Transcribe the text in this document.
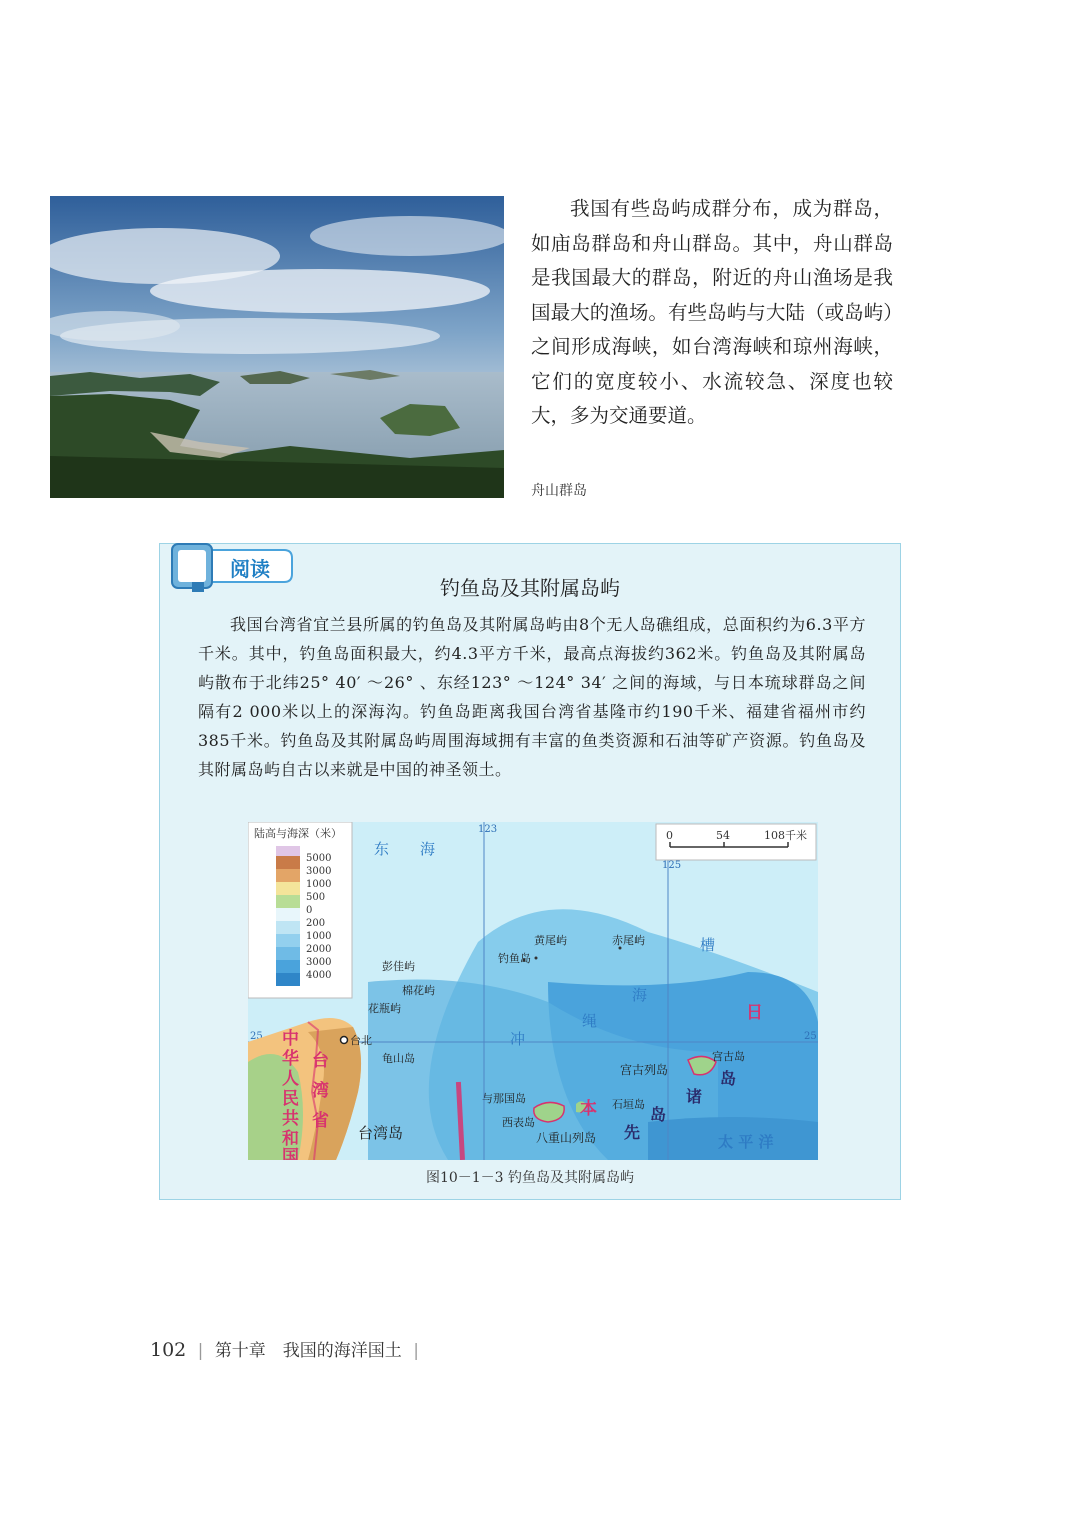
我国有些岛屿成群分布，成为群岛，如庙岛群岛和舟山群岛。其中，舟山群岛是我国最大的群岛，附近的舟山渔场是我国最大的渔场。有些岛屿与大陆（或岛屿）之间形成海峡，如台湾海峡和琼州海峡，它们的宽度较小、水流较急、深度也较大，多为交通要道。

舟山群岛
阅读
钓鱼岛及其附属岛屿

我国台湾省宜兰县所属的钓鱼岛及其附属岛屿由8个无人岛礁组成，总面积约为6.3平方千米。其中，钓鱼岛面积最大，约4.3平方千米，最高点海拔约362米。钓鱼岛及其附属岛屿散布于北纬25° 40′ ～26° 、东经123° ～124° 34′ 之间的海域，与日本琉球群岛之间隔有2 000米以上的深海沟。钓鱼岛距离我国台湾省基隆市约190千米、福建省福州市约385千米。钓鱼岛及其附属岛屿周围海域拥有丰富的鱼类资源和石油等矿产资源。钓鱼岛及其附属岛屿自古以来就是中国的神圣领土。

123
125
25	25
陆高与海深（米）
5000
3000
1000
500
0
200
1000
2000
3000
4000
0	54	108千米
东 海
冲
绳
海
槽
太 平 洋
黄尾屿	赤尾屿
钓鱼岛
彭佳屿
棉花屿
花瓶屿
台北
龟山岛
台湾岛
与那国岛
西表岛
石垣岛
八重山列岛
宫古列岛
宫古岛
中
华
人
民
共
和
国
台
湾
省
日
本
先
岛
诸
岛
图10－1－3 钓鱼岛及其附属岛屿
102 | 第十章　我国的海洋国土 |
